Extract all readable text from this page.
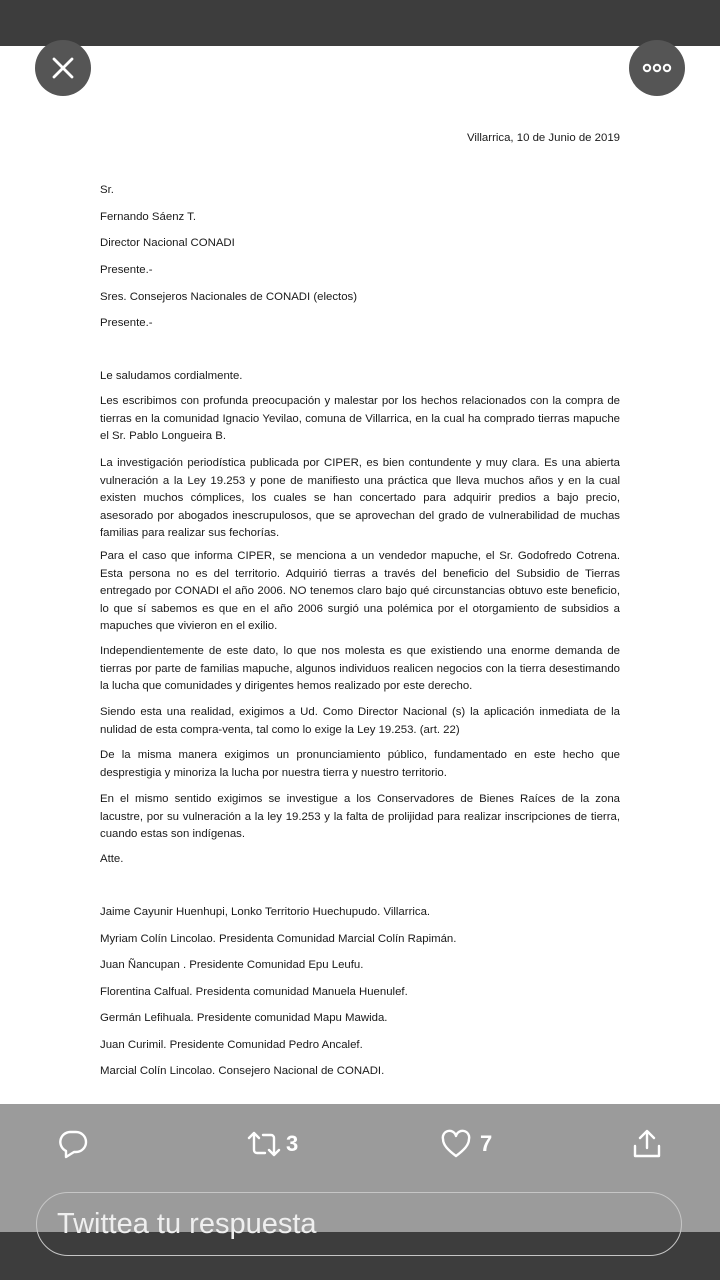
Villarrica, 10 de Junio de 2019
Sr.
Fernando Sáenz T.
Director Nacional CONADI
Presente.-
Sres. Consejeros Nacionales de CONADI (electos)
Presente.-
Le saludamos cordialmente.
Les escribimos con profunda preocupación y malestar por los hechos relacionados con la compra de tierras en la comunidad Ignacio Yevilao, comuna de Villarrica, en la cual ha comprado tierras mapuche el Sr. Pablo Longueira B.
La investigación periodística publicada por CIPER, es bien contundente y muy clara. Es una abierta vulneración a la Ley 19.253 y pone de manifiesto una práctica que lleva muchos años y en la cual existen muchos cómplices, los cuales se han concertado para adquirir predios a bajo precio, asesorado por abogados inescrupulosos, que se aprovechan del grado de vulnerabilidad de muchas familias para realizar sus fechorías.
Para el caso que informa CIPER, se menciona a un vendedor mapuche, el Sr. Godofredo Cotrena. Esta persona no es del territorio. Adquirió tierras a través del beneficio del Subsidio de Tierras entregado por CONADI el año 2006. NO tenemos claro bajo qué circunstancias obtuvo este beneficio, lo que sí sabemos es que en el año 2006 surgió una polémica por el otorgamiento de subsidios a mapuches que vivieron en el exilio.
Independientemente de este dato, lo que nos molesta es que existiendo una enorme demanda de tierras por parte de familias mapuche, algunos individuos realicen negocios con la tierra desestimando la lucha que comunidades y dirigentes hemos realizado por este derecho.
Siendo esta una realidad, exigimos a Ud. Como Director Nacional (s) la aplicación inmediata de la nulidad de esta compra-venta, tal como lo exige la Ley 19.253. (art. 22)
De la misma manera exigimos un pronunciamiento público, fundamentado en este hecho que desprestigia y minoriza la lucha por nuestra tierra y nuestro territorio.
En el mismo sentido exigimos se investigue a los Conservadores de Bienes Raíces de la zona lacustre, por su vulneración a la ley 19.253 y la falta de prolijidad para realizar inscripciones de tierra, cuando estas son indígenas.
Atte.
Jaime Cayunir Huenhupi, Lonko Territorio Huechupudo. Villarrica.
Myriam Colín Lincolao. Presidenta Comunidad Marcial Colín Rapimán.
Juan Ñancupan . Presidente Comunidad Epu Leufu.
Florentina Calfual. Presidenta comunidad Manuela Huenulef.
Germán Lefihuala. Presidente comunidad Mapu Mawida.
Juan Curimil. Presidente Comunidad Pedro Ancalef.
Marcial Colín Lincolao. Consejero Nacional de CONADI.
3	7
Twittea tu respuesta
